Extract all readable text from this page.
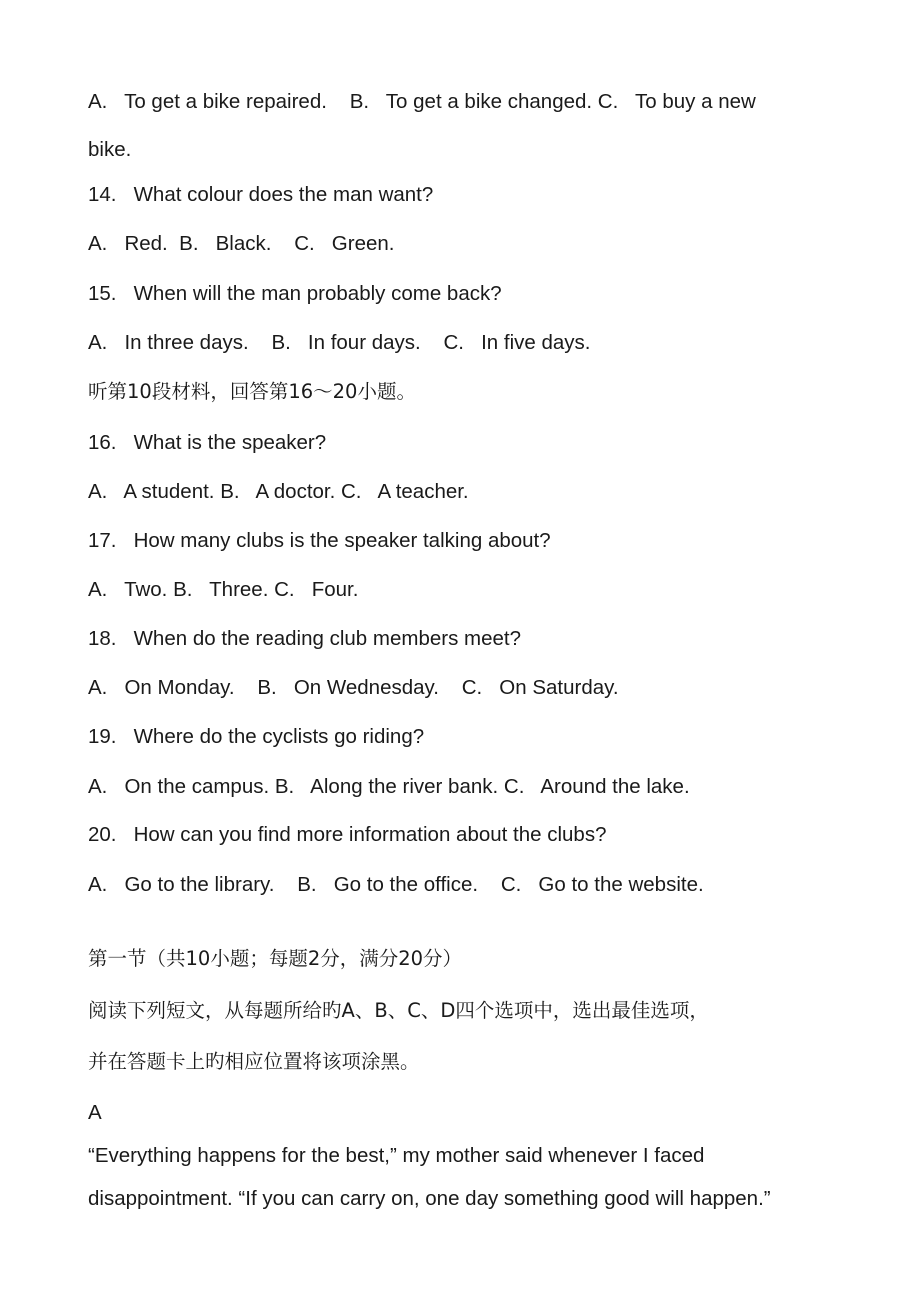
A.   To get a bike repaired.    B.   To get a bike changed. C.   To buy a new
bike.
14.   What colour does the man want?
A.   Red.  B.   Black.    C.   Green.
15.   When will the man probably come back?
A.   In three days.    B.   In four days.    C.   In five days.
听第10段材料，回答第16～20小题。
16.   What is the speaker?
A.   A student. B.   A doctor. C.   A teacher.
17.   How many clubs is the speaker talking about?
A.   Two. B.   Three. C.   Four.
18.   When do the reading club members meet?
A.   On Monday.    B.   On Wednesday.    C.   On Saturday.
19.   Where do the cyclists go riding?
A.   On the campus. B.   Along the river bank. C.   Around the lake.
20.   How can you find more information about the clubs?
A.   Go to the library.    B.   Go to the office.    C.   Go to the website.
第一节（共10小题；每题2分，满分20分）
阅读下列短文，从每题所给旳A、B、C、D四个选项中，选出最佳选项，
并在答题卡上旳相应位置将该项涂黑。
A
“Everything happens for the best,” my mother said whenever I faced
disappointment. “If you can carry on, one day something good will happen.”
